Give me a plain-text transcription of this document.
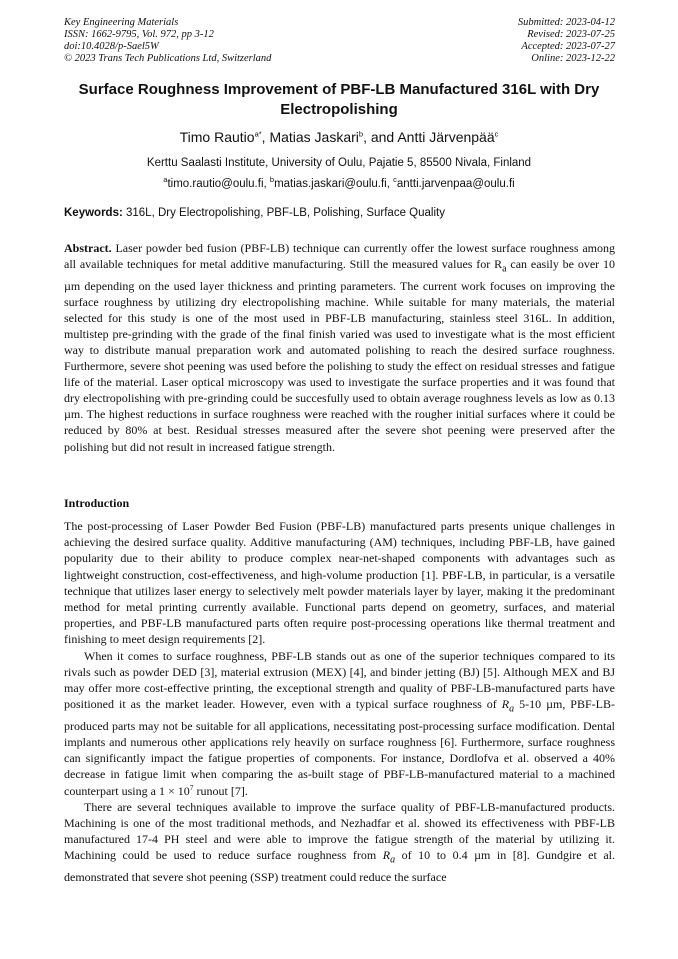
Key Engineering Materials
ISSN: 1662-9795, Vol. 972, pp 3-12
doi:10.4028/p-Sael5W
© 2023 Trans Tech Publications Ltd, Switzerland
Submitted: 2023-04-12
Revised: 2023-07-25
Accepted: 2023-07-27
Online: 2023-12-22
Surface Roughness Improvement of PBF-LB Manufactured 316L with Dry Electropolishing
Timo Rautio$^{a*}$, Matias Jaskari$^b$, and Antti Järvenpää$^c$
Kerttu Saalasti Institute, University of Oulu, Pajatie 5, 85500 Nivala, Finland
$^a$timo.rautio@oulu.fi, $^b$matias.jaskari@oulu.fi, $^c$antti.jarvenpaa@oulu.fi
Keywords: 316L, Dry Electropolishing, PBF-LB, Polishing, Surface Quality
Abstract. Laser powder bed fusion (PBF-LB) technique can currently offer the lowest surface roughness among all available techniques for metal additive manufacturing. Still the measured values for $R_a$ can easily be over 10 µm depending on the used layer thickness and printing parameters. The current work focuses on improving the surface roughness by utilizing dry electropolishing machine. While suitable for many materials, the material selected for this study is one of the most used in PBF-LB manufacturing, stainless steel 316L. In addition, multistep pre-grinding with the grade of the final finish varied was used to investigate what is the most efficient way to distribute manual preparation work and automated polishing to reach the desired surface roughness. Furthermore, severe shot peening was used before the polishing to study the effect on residual stresses and fatigue life of the material. Laser optical microscopy was used to investigate the surface properties and it was found that dry electropolishing with pre-grinding could be succesfully used to obtain average roughness levels as low as 0.13 µm. The highest reductions in surface roughness were reached with the rougher initial surfaces where it could be reduced by 80% at best. Residual stresses measured after the severe shot peening were preserved after the polishing but did not result in increased fatigue strength.
Introduction

The post-processing of Laser Powder Bed Fusion (PBF-LB) manufactured parts presents unique challenges in achieving the desired surface quality. Additive manufacturing (AM) techniques, including PBF-LB, have gained popularity due to their ability to produce complex near-net-shaped components with advantages such as lightweight construction, cost-effectiveness, and high-volume production [1]. PBF-LB, in particular, is a versatile technique that utilizes laser energy to selectively melt powder materials layer by layer, making it the predominant method for metal printing currently available. Functional parts depend on geometry, surfaces, and material properties, and PBF-LB manufactured parts often require post-processing operations like thermal treatment and finishing to meet design requirements [2].

When it comes to surface roughness, PBF-LB stands out as one of the superior techniques compared to its rivals such as powder DED [3], material extrusion (MEX) [4], and binder jetting (BJ) [5]. Although MEX and BJ may offer more cost-effective printing, the exceptional strength and quality of PBF-LB-manufactured parts have positioned it as the market leader. However, even with a typical surface roughness of $R_a$ 5-10 µm, PBF-LB-produced parts may not be suitable for all applications, necessitating post-processing surface modification. Dental implants and numerous other applications rely heavily on surface roughness [6]. Furthermore, surface roughness can significantly impact the fatigue properties of components. For instance, Dordlofva et al. observed a 40% decrease in fatigue limit when comparing the as-built stage of PBF-LB-manufactured material to a machined counterpart using a $1 \times 10^7$ runout [7].

There are several techniques available to improve the surface quality of PBF-LB-manufactured products. Machining is one of the most traditional methods, and Nezhadfar et al. showed its effectiveness with PBF-LB manufactured 17-4 PH steel and were able to improve the fatigue strength of the material by utilizing it. Machining could be used to reduce surface roughness from $R_a$ of 10 to 0.4 µm in [8]. Gundgire et al. demonstrated that severe shot peening (SSP) treatment could reduce the surface
